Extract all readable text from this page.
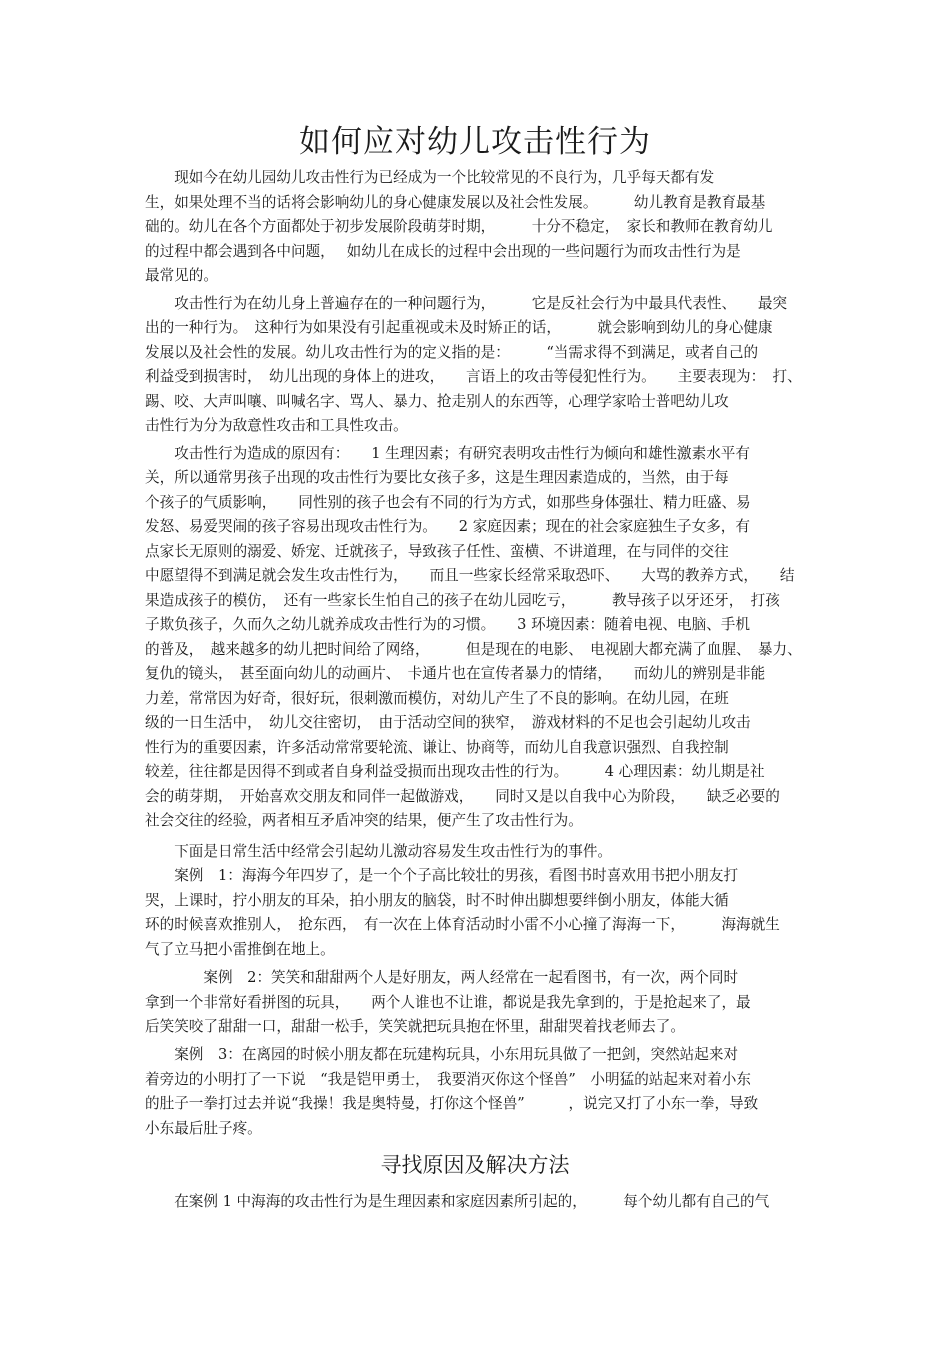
如何应对幼儿攻击性行为
　　现如今在幼儿园幼儿攻击性行为已经成为一个比较常见的不良行为，几乎每天都有发
生，如果处理不当的话将会影响幼儿的身心健康发展以及社会性发展。　　　幼儿教育是教育最基
础的。幼儿在各个方面都处于初步发展阶段萌芽时期，　　　十分不稳定，　家长和教师在教育幼儿
的过程中都会遇到各中问题，　 如幼儿在成长的过程中会出现的一些问题行为而攻击性行为是
最常见的。
　　攻击性行为在幼儿身上普遍存在的一种问题行为，　　　它是反社会行为中最具代表性、　　最突
出的一种行为。　这种行为如果没有引起重视或未及时矫正的话，　　　就会影响到幼儿的身心健康
发展以及社会性的发展。幼儿攻击性行为的定义指的是：　　　“当需求得不到满足，或者自己的
利益受到损害时，　幼儿出现的身体上的进攻，　　言语上的攻击等侵犯性行为。　　主要表现为：　打、
踢、咬、大声叫嚷、叫喊名字、骂人、暴力、抢走别人的东西等，心理学家哈士普吧幼儿攻
击性行为分为敌意性攻击和工具性攻击。
　　攻击性行为造成的原因有：　　1 生理因素；有研究表明攻击性行为倾向和雄性激素水平有
关，所以通常男孩子出现的攻击性行为要比女孩子多，这是生理因素造成的，当然，由于每
个孩子的气质影响，　　同性别的孩子也会有不同的行为方式，如那些身体强壮、精力旺盛、易
发怒、易爱哭闹的孩子容易出现攻击性行为。　　2 家庭因素；现在的社会家庭独生子女多，有
点家长无原则的溺爱、娇宠、迁就孩子，导致孩子任性、蛮横、不讲道理，在与同伴的交往
中愿望得不到满足就会发生攻击性行为，　　而且一些家长经常采取恐吓、　　大骂的教养方式，　　结
果造成孩子的模仿，　还有一些家长生怕自己的孩子在幼儿园吃亏，　　　教导孩子以牙还牙，　打孩
子欺负孩子，久而久之幼儿就养成攻击性行为的习惯。　　3 环境因素：随着电视、电脑、手机
的普及，　越来越多的幼儿把时间给了网络，　　　但是现在的电影、　电视剧大都充满了血腥、　暴力、
复仇的镜头，　甚至面向幼儿的动画片、　卡通片也在宣传者暴力的情绪，　　而幼儿的辨别是非能
力差，常常因为好奇，很好玩，很刺激而模仿，对幼儿产生了不良的影响。在幼儿园，在班
级的一日生活中，　幼儿交往密切，　由于活动空间的狭窄，　游戏材料的不足也会引起幼儿攻击
性行为的重要因素，许多活动常常要轮流、谦让、协商等，而幼儿自我意识强烈、自我控制
较差，往往都是因得不到或者自身利益受损而出现攻击性的行为。　　　4 心理因素：幼儿期是社
会的萌芽期，　开始喜欢交朋友和同伴一起做游戏，　　同时又是以自我中心为阶段，　　缺乏必要的
社会交往的经验，两者相互矛盾冲突的结果，便产生了攻击性行为。
　　下面是日常生活中经常会引起幼儿激动容易发生攻击性行为的事件。
　　案例　1：海海今年四岁了，是一个个子高比较壮的男孩，看图书时喜欢用书把小朋友打
哭，上课时，拧小朋友的耳朵，拍小朋友的脑袋，时不时伸出脚想要绊倒小朋友，体能大循
环的时候喜欢推别人，　抢东西，　有一次在上体育活动时小雷不小心撞了海海一下，　　　海海就生
气了立马把小雷推倒在地上。
　　　　案例　2：笑笑和甜甜两个人是好朋友，两人经常在一起看图书，有一次，两个同时
拿到一个非常好看拼图的玩具，　　两个人谁也不让谁，都说是我先拿到的，于是抢起来了，最
后笑笑咬了甜甜一口，甜甜一松手，笑笑就把玩具抱在怀里，甜甜哭着找老师去了。
　　案例　3：在离园的时候小朋友都在玩建构玩具，小东用玩具做了一把剑，突然站起来对
着旁边的小明打了一下说　“我是铠甲勇士，　我要消灭你这个怪兽”　小明猛的站起来对着小东
的肚子一拳打过去并说“我操！我是奥特曼，打你这个怪兽”　　　，说完又打了小东一拳，导致
小东最后肚子疼。
　　在案例 1 中海海的攻击性行为是生理因素和家庭因素所引起的，　　　每个幼儿都有自己的气
寻找原因及解决方法
